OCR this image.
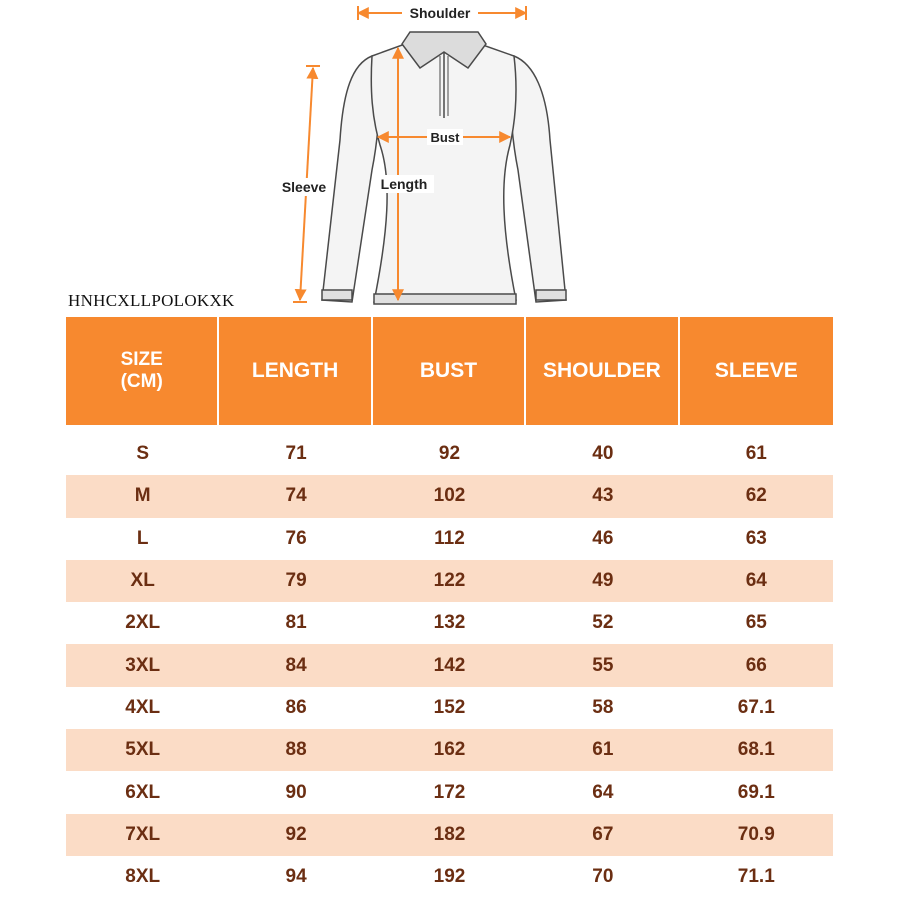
Shoulder
Bust
Sleeve	Length
HNHCXLLPOLOKXK
SIZE
(CM)	LENGTH	BUST	SHOULDER	SLEEVE

S	71	92	40	61
M	74	102	43	62
L	76	112	46	63
XL	79	122	49	64
2XL	81	132	52	65
3XL	84	142	55	66
4XL	86	152	58	67.1
5XL	88	162	61	68.1
6XL	90	172	64	69.1
7XL	92	182	67	70.9
8XL	94	192	70	71.1
